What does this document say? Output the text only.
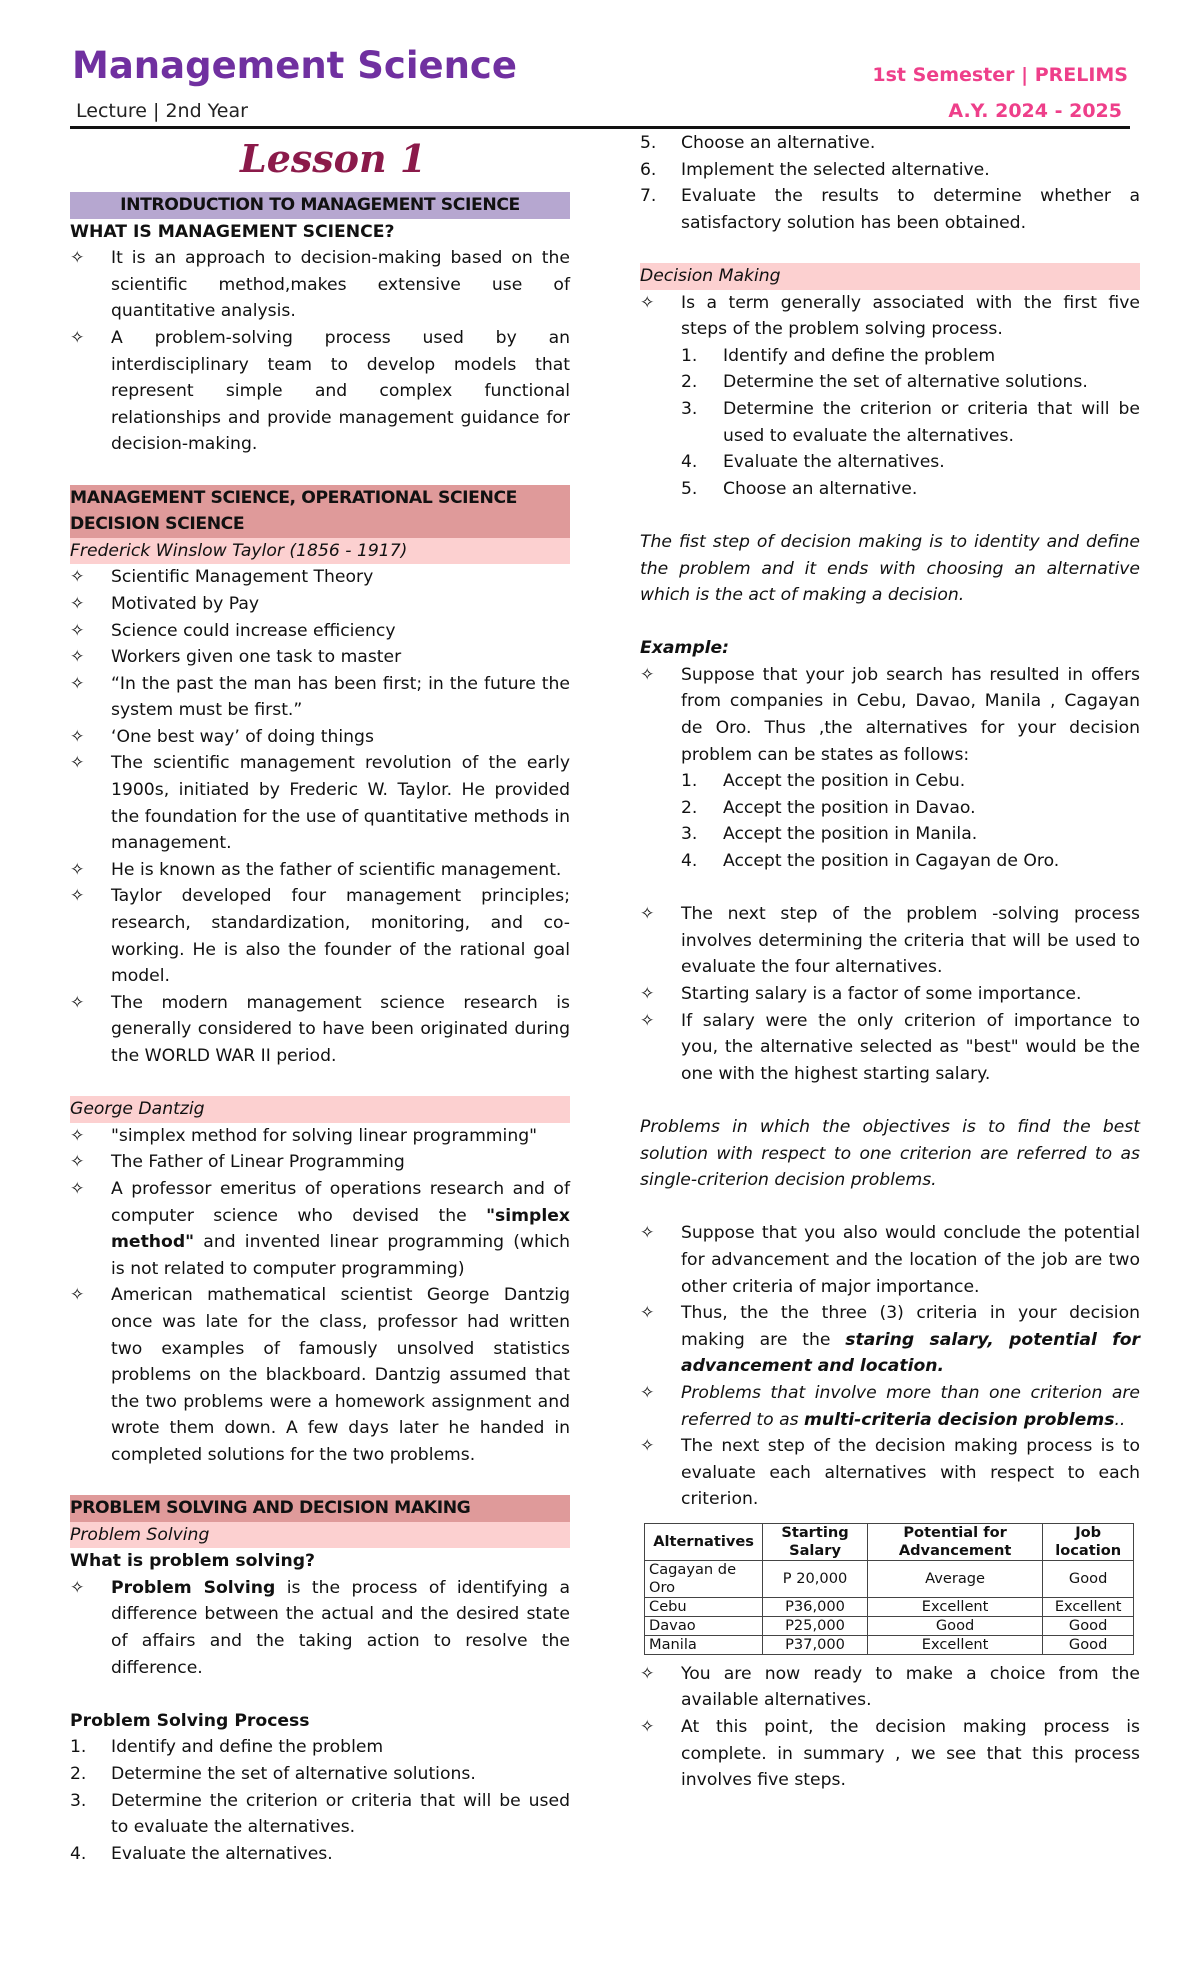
Management Science
Lecture | 2nd Year
1st Semester | PRELIMS
A.Y. 2024 - 2025
Lesson 1
INTRODUCTION TO MANAGEMENT SCIENCE
WHAT IS MANAGEMENT SCIENCE?
✧	It is an approach to decision-making based on the scientific method,makes extensive use of quantitative analysis.
✧	A problem-solving process used by an interdisciplinary team to develop models that represent simple and complex functional relationships and provide management guidance for decision-making.
MANAGEMENT SCIENCE, OPERATIONAL SCIENCE DECISION SCIENCE
Frederick Winslow Taylor (1856 - 1917)
✧	Scientific Management Theory
✧	Motivated by Pay
✧	Science could increase efficiency
✧	Workers given one task to master
✧	“In the past the man has been first; in the future the system must be first.”
✧	‘One best way’ of doing things
✧	The scientific management revolution of the early 1900s, initiated by Frederic W. Taylor. He provided the foundation for the use of quantitative methods in management.
✧	He is known as the father of scientific management.
✧	Taylor developed four management principles; research, standardization, monitoring, and co-working. He is also the founder of the rational goal model.
✧	The modern management science research is generally considered to have been originated during the WORLD WAR II period.
George Dantzig
✧	"simplex method for solving linear programming"
✧	The Father of Linear Programming
✧	A professor emeritus of operations research and of computer science who devised the "simplex method" and invented linear programming (which is not related to computer programming)
✧	American mathematical scientist George Dantzig once was late for the class, professor had written two examples of famously unsolved statistics problems on the blackboard. Dantzig assumed that the two problems were a homework assignment and wrote them down. A few days later he handed in completed solutions for the two problems.
PROBLEM SOLVING AND DECISION MAKING
Problem Solving
What is problem solving?
✧	Problem Solving is the process of identifying a difference between the actual and the desired state of affairs and the taking action to resolve the difference.
Problem Solving Process
1.	Identify and define the problem
2.	Determine the set of alternative solutions.
3.	Determine the criterion or criteria that will be used to evaluate the alternatives.
4.	Evaluate the alternatives.
5.	Choose an alternative.
6.	Implement the selected alternative.
7.	Evaluate the results to determine whether a satisfactory solution has been obtained.
Decision Making
✧	Is a term generally associated with the first five steps of the problem solving process.
1.	Identify and define the problem
2.	Determine the set of alternative solutions.
3.	Determine the criterion or criteria that will be used to evaluate the alternatives.
4.	Evaluate the alternatives.
5.	Choose an alternative.
The fist step of decision making is to identity and define the problem and it ends with choosing an alternative which is the act of making a decision.
Example:
✧	Suppose that your job search has resulted in offers from companies in Cebu, Davao, Manila , Cagayan de Oro. Thus ,the alternatives for your decision problem can be states as follows:
1.	Accept the position in Cebu.
2.	Accept the position in Davao.
3.	Accept the position in Manila.
4.	Accept the position in Cagayan de Oro.
✧	The next step of the problem -solving process involves determining the criteria that will be used to evaluate the four alternatives.
✧	Starting salary is a factor of some importance.
✧	If salary were the only criterion of importance to you, the alternative selected as "best" would be the one with the highest starting salary.
Problems in which the objectives is to find the best solution with respect to one criterion are referred to as single-criterion decision problems.
✧	Suppose that you also would conclude the potential for advancement and the location of the job are two other criteria of major importance.
✧	Thus, the the three (3) criteria in your decision making are the staring salary, potential for advancement and location.
✧	Problems that involve more than one criterion are referred to as multi-criteria decision problems..
✧	The next step of the decision making process is to evaluate each alternatives with respect to each criterion.
Alternatives	Starting Salary	Potential for Advancement	Job location
Cagayan de Oro	P 20,000	Average	Good
Cebu	P36,000	Excellent	Excellent
Davao	P25,000	Good	Good
Manila	P37,000	Excellent	Good
✧	You are now ready to make a choice from the available alternatives.
✧	At this point, the decision making process is complete. in summary , we see that this process involves five steps.
